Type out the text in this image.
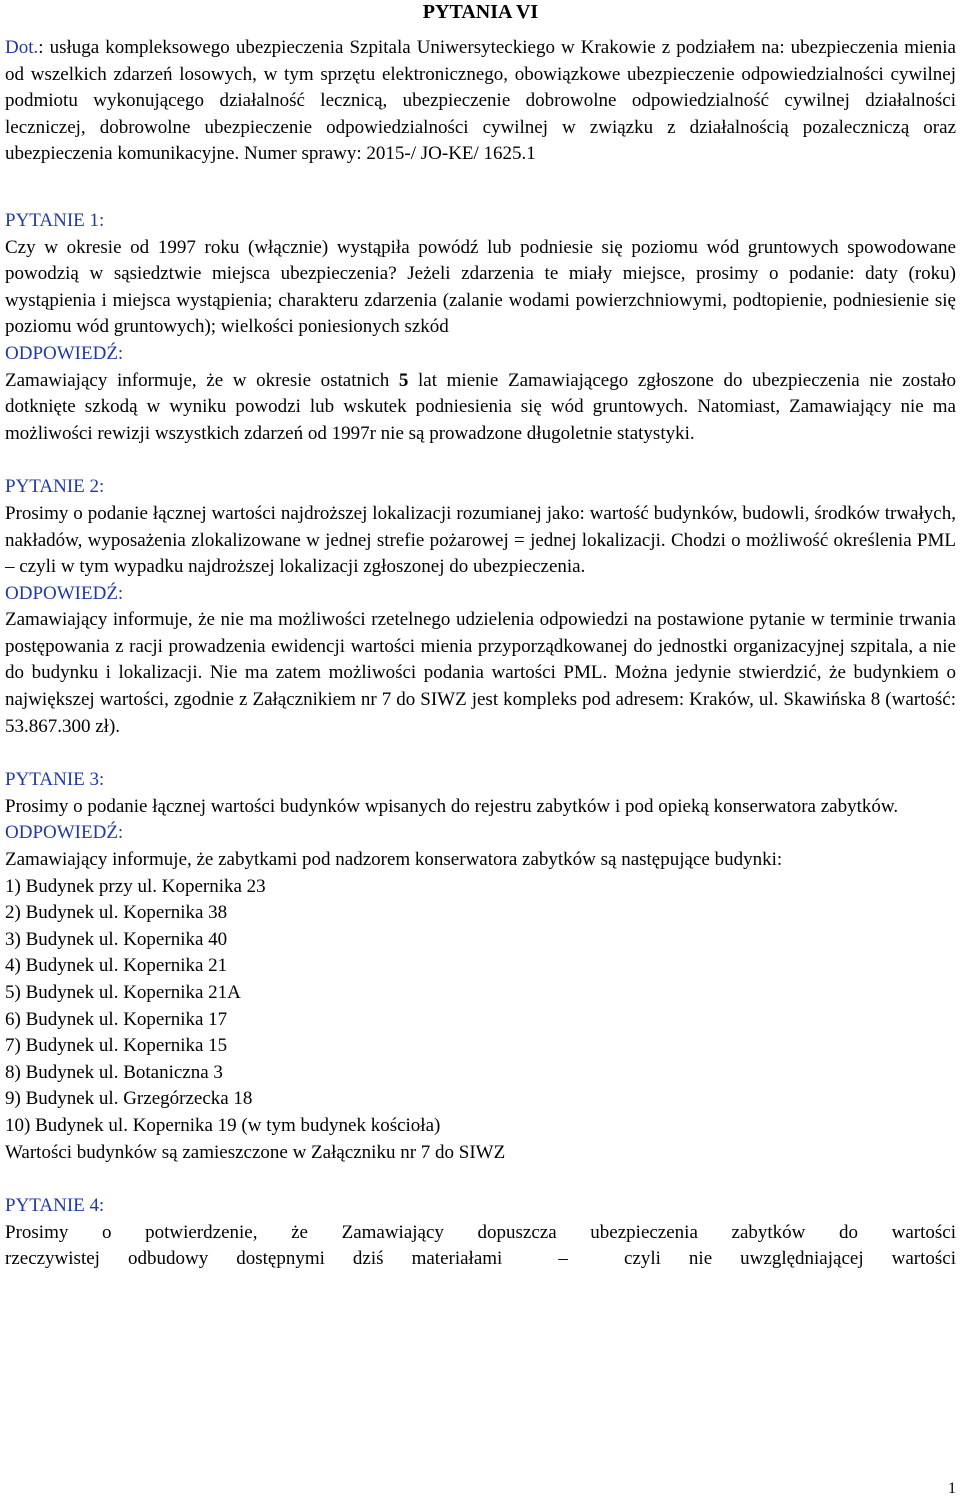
PYTANIA VI
Dot.: usługa kompleksowego ubezpieczenia Szpitala Uniwersyteckiego w Krakowie z podziałem na: ubezpieczenia mienia od wszelkich zdarzeń losowych, w tym sprzętu elektronicznego, obowiązkowe ubezpieczenie odpowiedzialności cywilnej podmiotu wykonującego działalność lecznicą, ubezpieczenie dobrowolne odpowiedzialność cywilnej działalności leczniczej, dobrowolne ubezpieczenie odpowiedzialności cywilnej w związku z działalnością pozaleczniczą oraz ubezpieczenia komunikacyjne. Numer sprawy: 2015-/ JO-KE/ 1625.1
PYTANIE 1:
Czy w okresie od 1997 roku (włącznie) wystąpiła powódź lub podniesie się poziomu wód gruntowych spowodowane powodzią w sąsiedztwie miejsca ubezpieczenia? Jeżeli zdarzenia te miały miejsce, prosimy o podanie: daty (roku) wystąpienia i miejsca wystąpienia; charakteru zdarzenia (zalanie wodami powierzchniowymi, podtopienie, podniesienie się poziomu wód gruntowych); wielkości poniesionych szkód
ODPOWIEDŹ:
Zamawiający informuje, że w okresie ostatnich 5 lat mienie Zamawiającego zgłoszone do ubezpieczenia nie zostało dotknięte szkodą w wyniku powodzi lub wskutek podniesienia się wód gruntowych. Natomiast, Zamawiający nie ma możliwości rewizji wszystkich zdarzeń od 1997r nie są prowadzone długoletnie statystyki.
PYTANIE 2:
Prosimy o podanie łącznej wartości najdroższej lokalizacji rozumianej jako: wartość budynków, budowli, środków trwałych, nakładów, wyposażenia zlokalizowane w jednej strefie pożarowej = jednej lokalizacji. Chodzi o możliwość określenia PML – czyli w tym wypadku najdroższej lokalizacji zgłoszonej do ubezpieczenia.
ODPOWIEDŹ:
Zamawiający informuje, że nie ma możliwości rzetelnego udzielenia odpowiedzi na postawione pytanie w terminie trwania postępowania z racji prowadzenia ewidencji wartości mienia przyporządkowanej do jednostki organizacyjnej szpitala, a nie do budynku i lokalizacji. Nie ma zatem możliwości podania wartości PML. Można jedynie stwierdzić, że budynkiem o największej wartości, zgodnie z Załącznikiem nr 7 do SIWZ jest kompleks pod adresem: Kraków, ul. Skawińska 8 (wartość: 53.867.300 zł).
PYTANIE 3:
Prosimy o podanie łącznej wartości budynków wpisanych do rejestru zabytków i pod opieką konserwatora zabytków.
ODPOWIEDŹ:
Zamawiający informuje, że zabytkami pod nadzorem konserwatora zabytków są następujące budynki:
1) Budynek przy ul. Kopernika 23
2) Budynek ul. Kopernika 38
3) Budynek ul. Kopernika 40
4) Budynek ul. Kopernika 21
5) Budynek ul. Kopernika 21A
6) Budynek ul. Kopernika 17
7) Budynek ul. Kopernika 15
8) Budynek ul. Botaniczna 3
9) Budynek ul. Grzegórzecka 18
10) Budynek ul. Kopernika 19 (w tym budynek kościoła)
Wartości budynków są zamieszczone w Załączniku nr 7 do SIWZ
PYTANIE 4:
Prosimy o potwierdzenie, że Zamawiający dopuszcza ubezpieczenia zabytków do wartości
rzeczywistej odbudowy dostępnymi dziś materiałami  –  czyli nie uwzględniającej wartości
1
